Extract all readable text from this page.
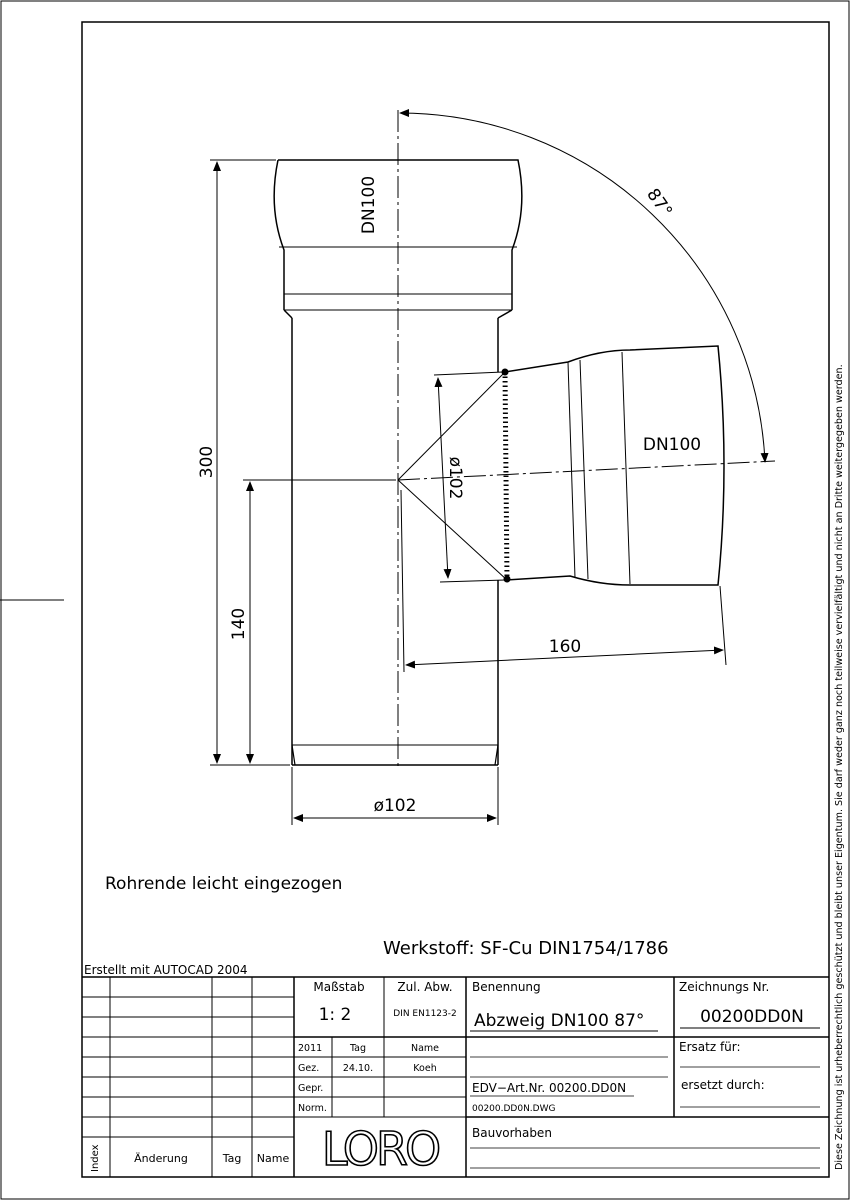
Diese Zeichnung ist urheberrechtlich geschützt und bleibt unser Eigentum. Sie darf weder ganz noch teilweise vervielfältigt und nicht an Dritte weitergegeben werden.
300
140
ø102
160
ø102
87°
DN100
DN100
Rohrende leicht eingezogen
Werkstoff: SF-Cu DIN1754/1786
Erstellt mit AUTOCAD 2004
Index	Änderung	Tag Name
Maßstab
1: 2
Zul. Abw.
DIN EN1123-2
2011	Tag	Name
Gez. 24.10.	Koeh
Gepr.
Norm.
LORO
Benennung
Abzweig DN100 87°
EDV−Art.Nr. 00200.DD0N
00200.DD0N.DWG
Zeichnungs Nr.
00200DD0N
Ersatz für:
ersetzt durch:
Bauvorhaben
